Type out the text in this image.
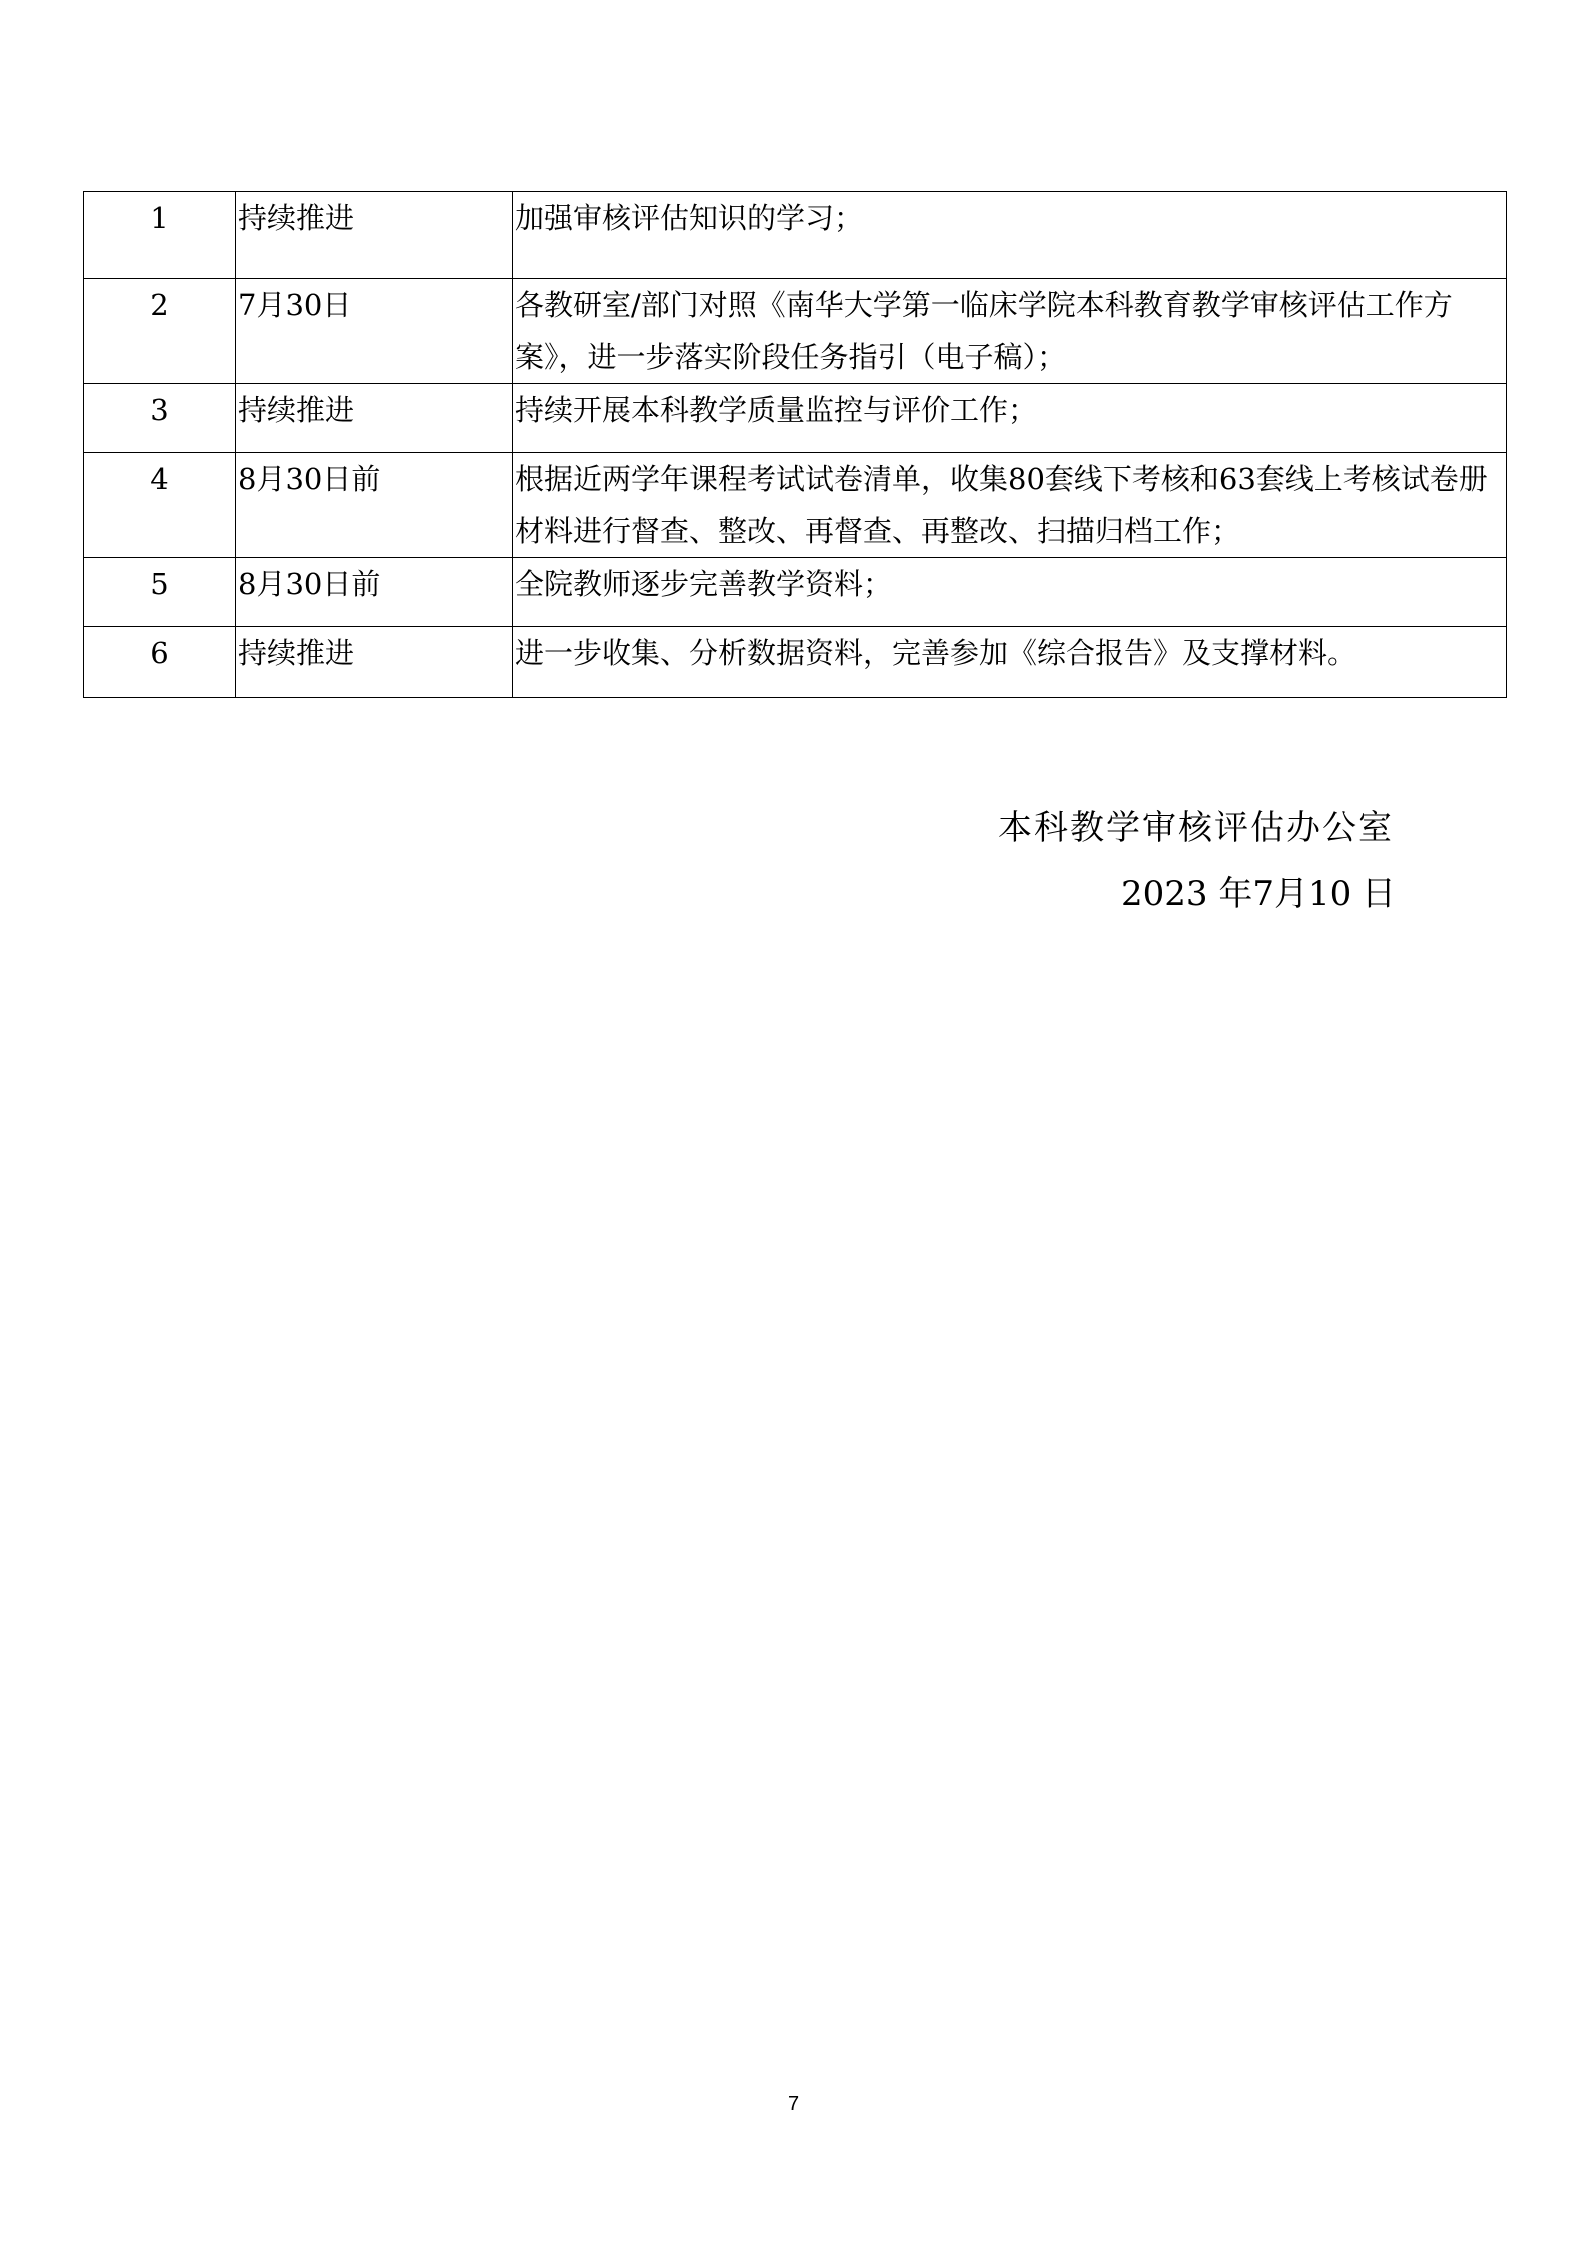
1	持续推进	加强审核评估知识的学习；
2	7月30日	各教研室/部门对照《南华大学第一临床学院本科教育教学审核评估工作方案》，进一步落实阶段任务指引（电子稿）；
3	持续推进	持续开展本科教学质量监控与评价工作；
4	8月30日前	根据近两学年课程考试试卷清单，收集80套线下考核和63套线上考核试卷册材料进行督查、整改、再督查、再整改、扫描归档工作；
5	8月30日前	全院教师逐步完善教学资料；
6	持续推进	进一步收集、分析数据资料，完善参加《综合报告》及支撑材料。
本科教学审核评估办公室
2023 年7月10 日
7
